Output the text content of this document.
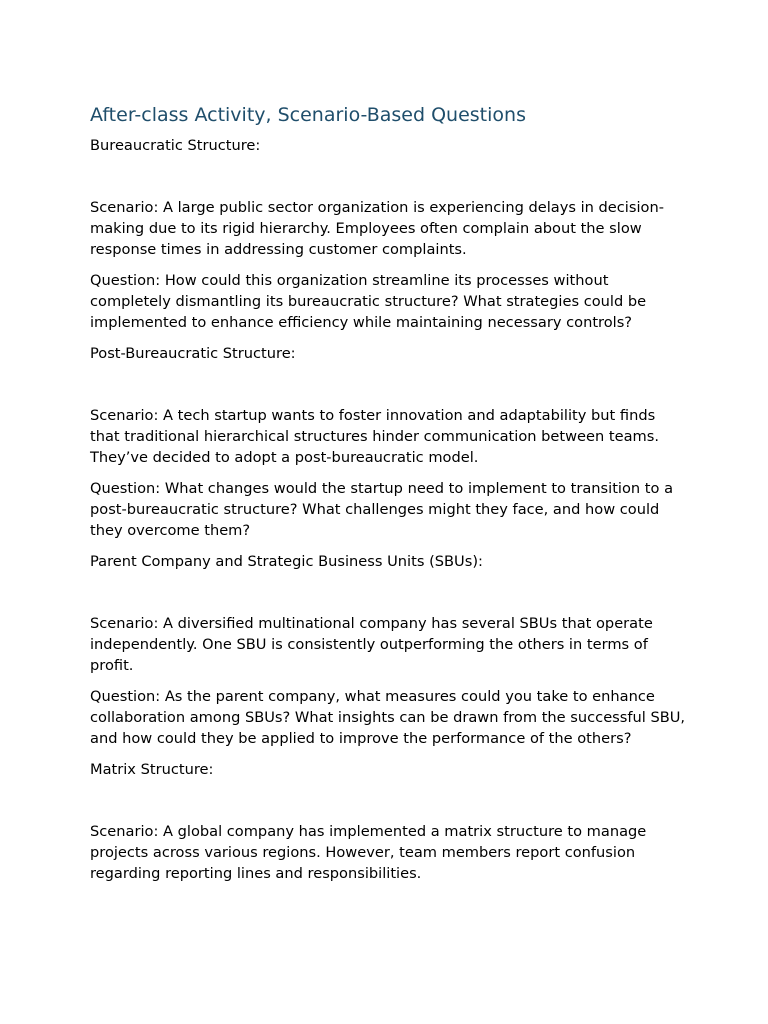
After-class Activity, Scenario-Based Questions
Bureaucratic Structure:
Scenario: A large public sector organization is experiencing delays in decision-making due to its rigid hierarchy. Employees often complain about the slow response times in addressing customer complaints.
Question: How could this organization streamline its processes without completely dismantling its bureaucratic structure? What strategies could be implemented to enhance efficiency while maintaining necessary controls?
Post-Bureaucratic Structure:
Scenario: A tech startup wants to foster innovation and adaptability but finds that traditional hierarchical structures hinder communication between teams. They’ve decided to adopt a post-bureaucratic model.
Question: What changes would the startup need to implement to transition to a post-bureaucratic structure? What challenges might they face, and how could they overcome them?
Parent Company and Strategic Business Units (SBUs):
Scenario: A diversified multinational company has several SBUs that operate independently. One SBU is consistently outperforming the others in terms of profit.
Question: As the parent company, what measures could you take to enhance collaboration among SBUs? What insights can be drawn from the successful SBU, and how could they be applied to improve the performance of the others?
Matrix Structure:
Scenario: A global company has implemented a matrix structure to manage projects across various regions. However, team members report confusion regarding reporting lines and responsibilities.
